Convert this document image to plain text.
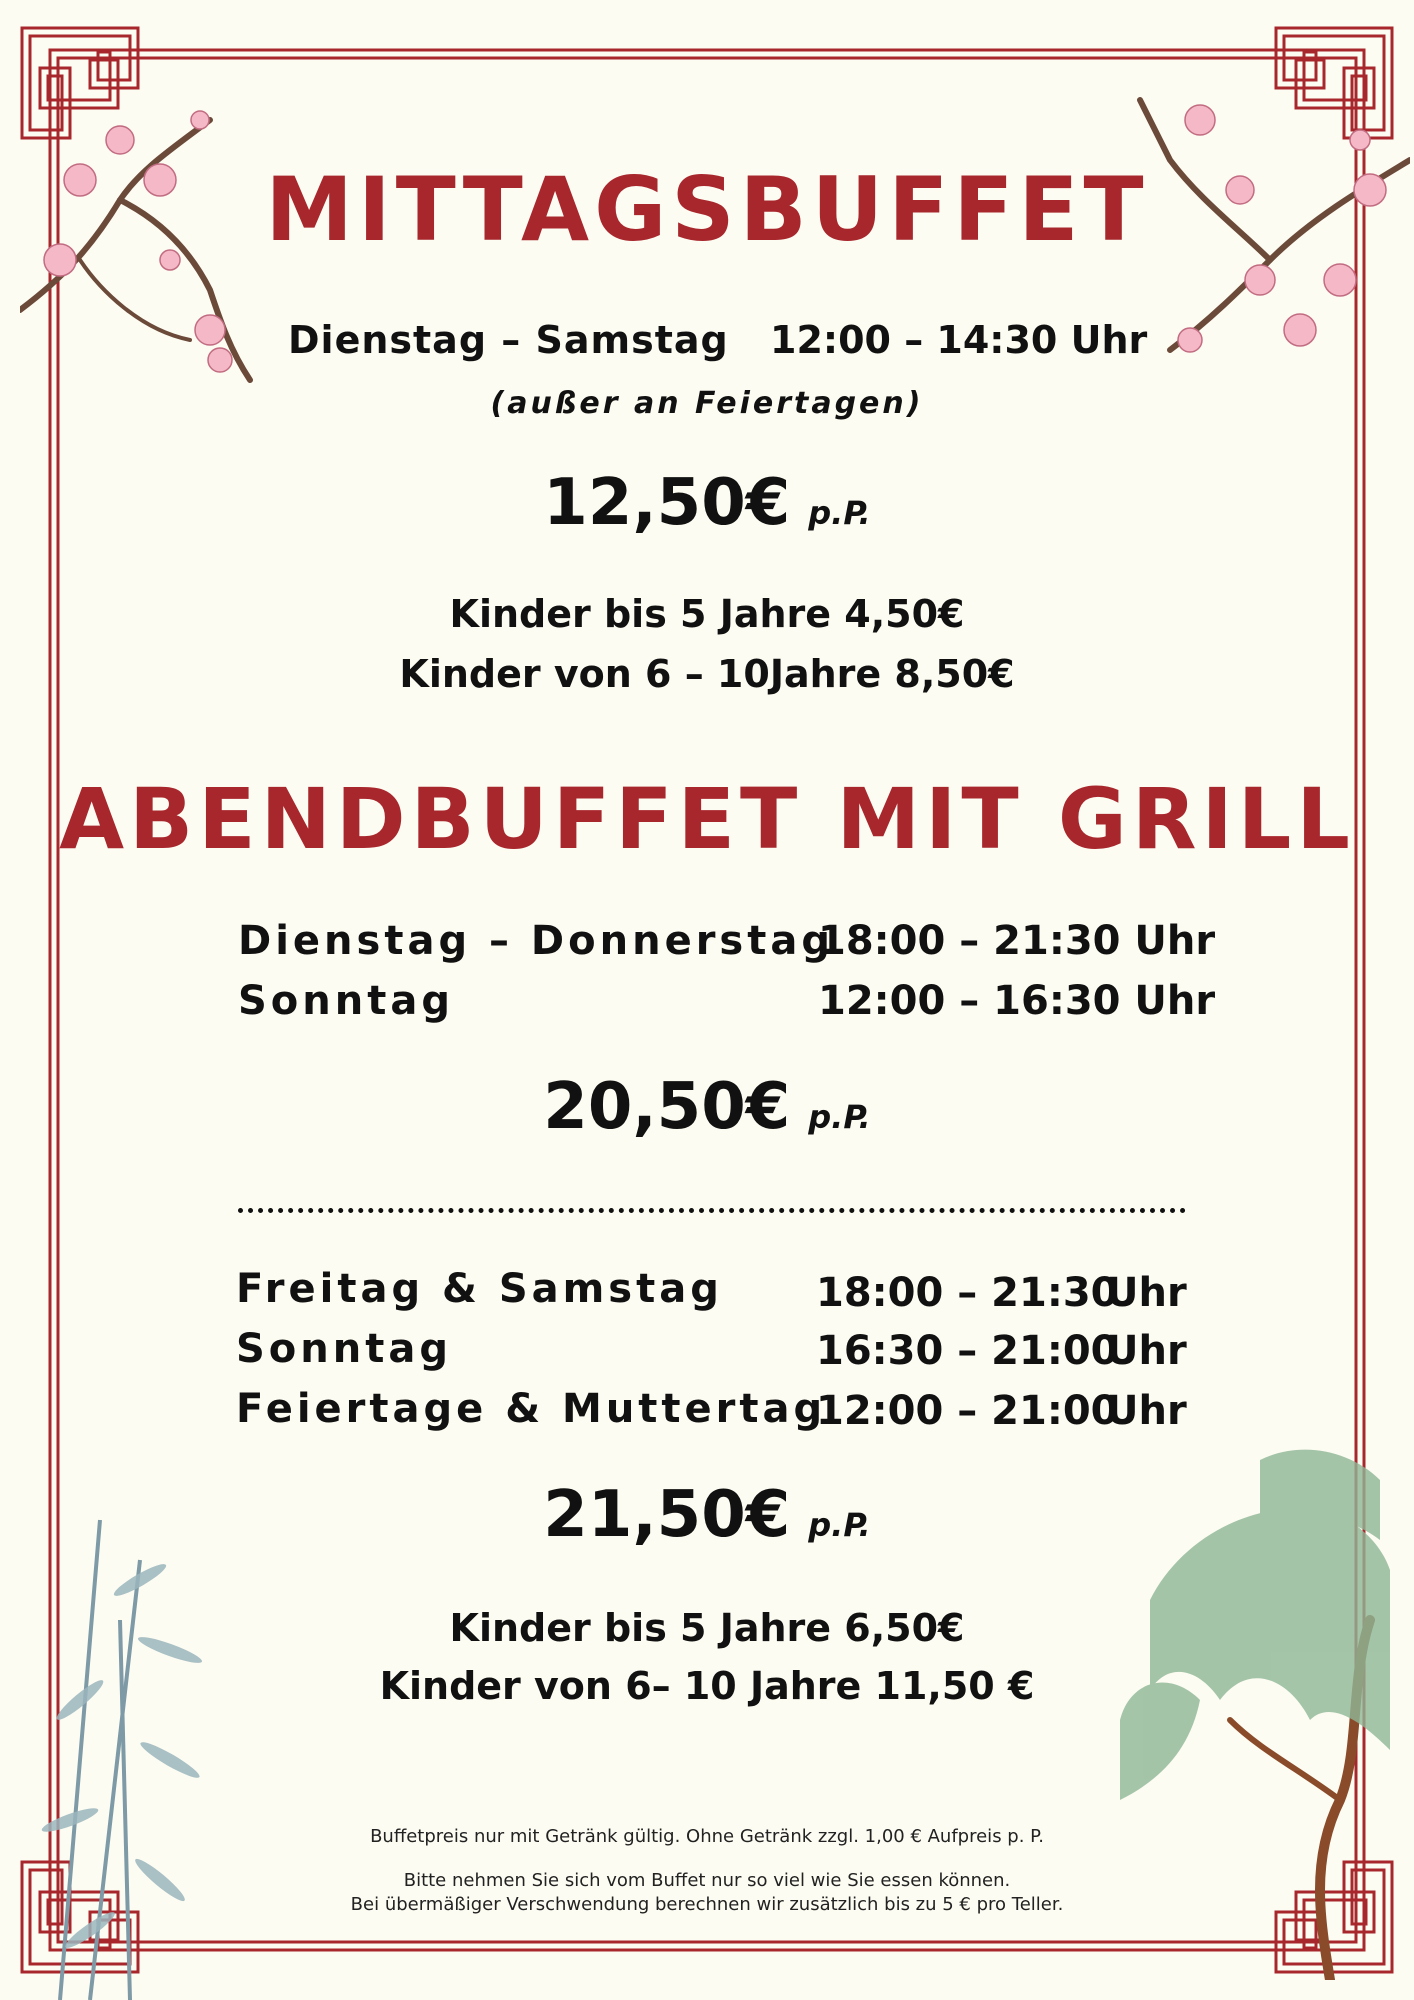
MITTAGSBUFFET
Dienstag – Samstag 12:00 – 14:30 Uhr
(außer an Feiertagen)
12,50€ p.P.
Kinder bis 5 Jahre 4,50€
Kinder von 6 – 10Jahre 8,50€
ABENDBUFFET MIT GRILL
Dienstag – Donnerstag
18:00 – 21:30 Uhr
Sonntag	12:00 – 16:30 Uhr
20,50€ p.P.
Freitag & Samstag 18:00 – 21:30
Uhr
Sonntag	16:30 – 21:00
Uhr
Feiertage & Muttertag
12:00 – 21:00
Uhr
21,50€ p.P.
Kinder bis 5 Jahre 6,50€
Kinder von 6– 10 Jahre 11,50 €
Buffetpreis nur mit Getränk gültig. Ohne Getränk zzgl. 1,00 € Aufpreis p. P.
Bitte nehmen Sie sich vom Buffet nur so viel wie Sie essen können.
Bei übermäßiger Verschwendung berechnen wir zusätzlich bis zu 5 € pro Teller.
